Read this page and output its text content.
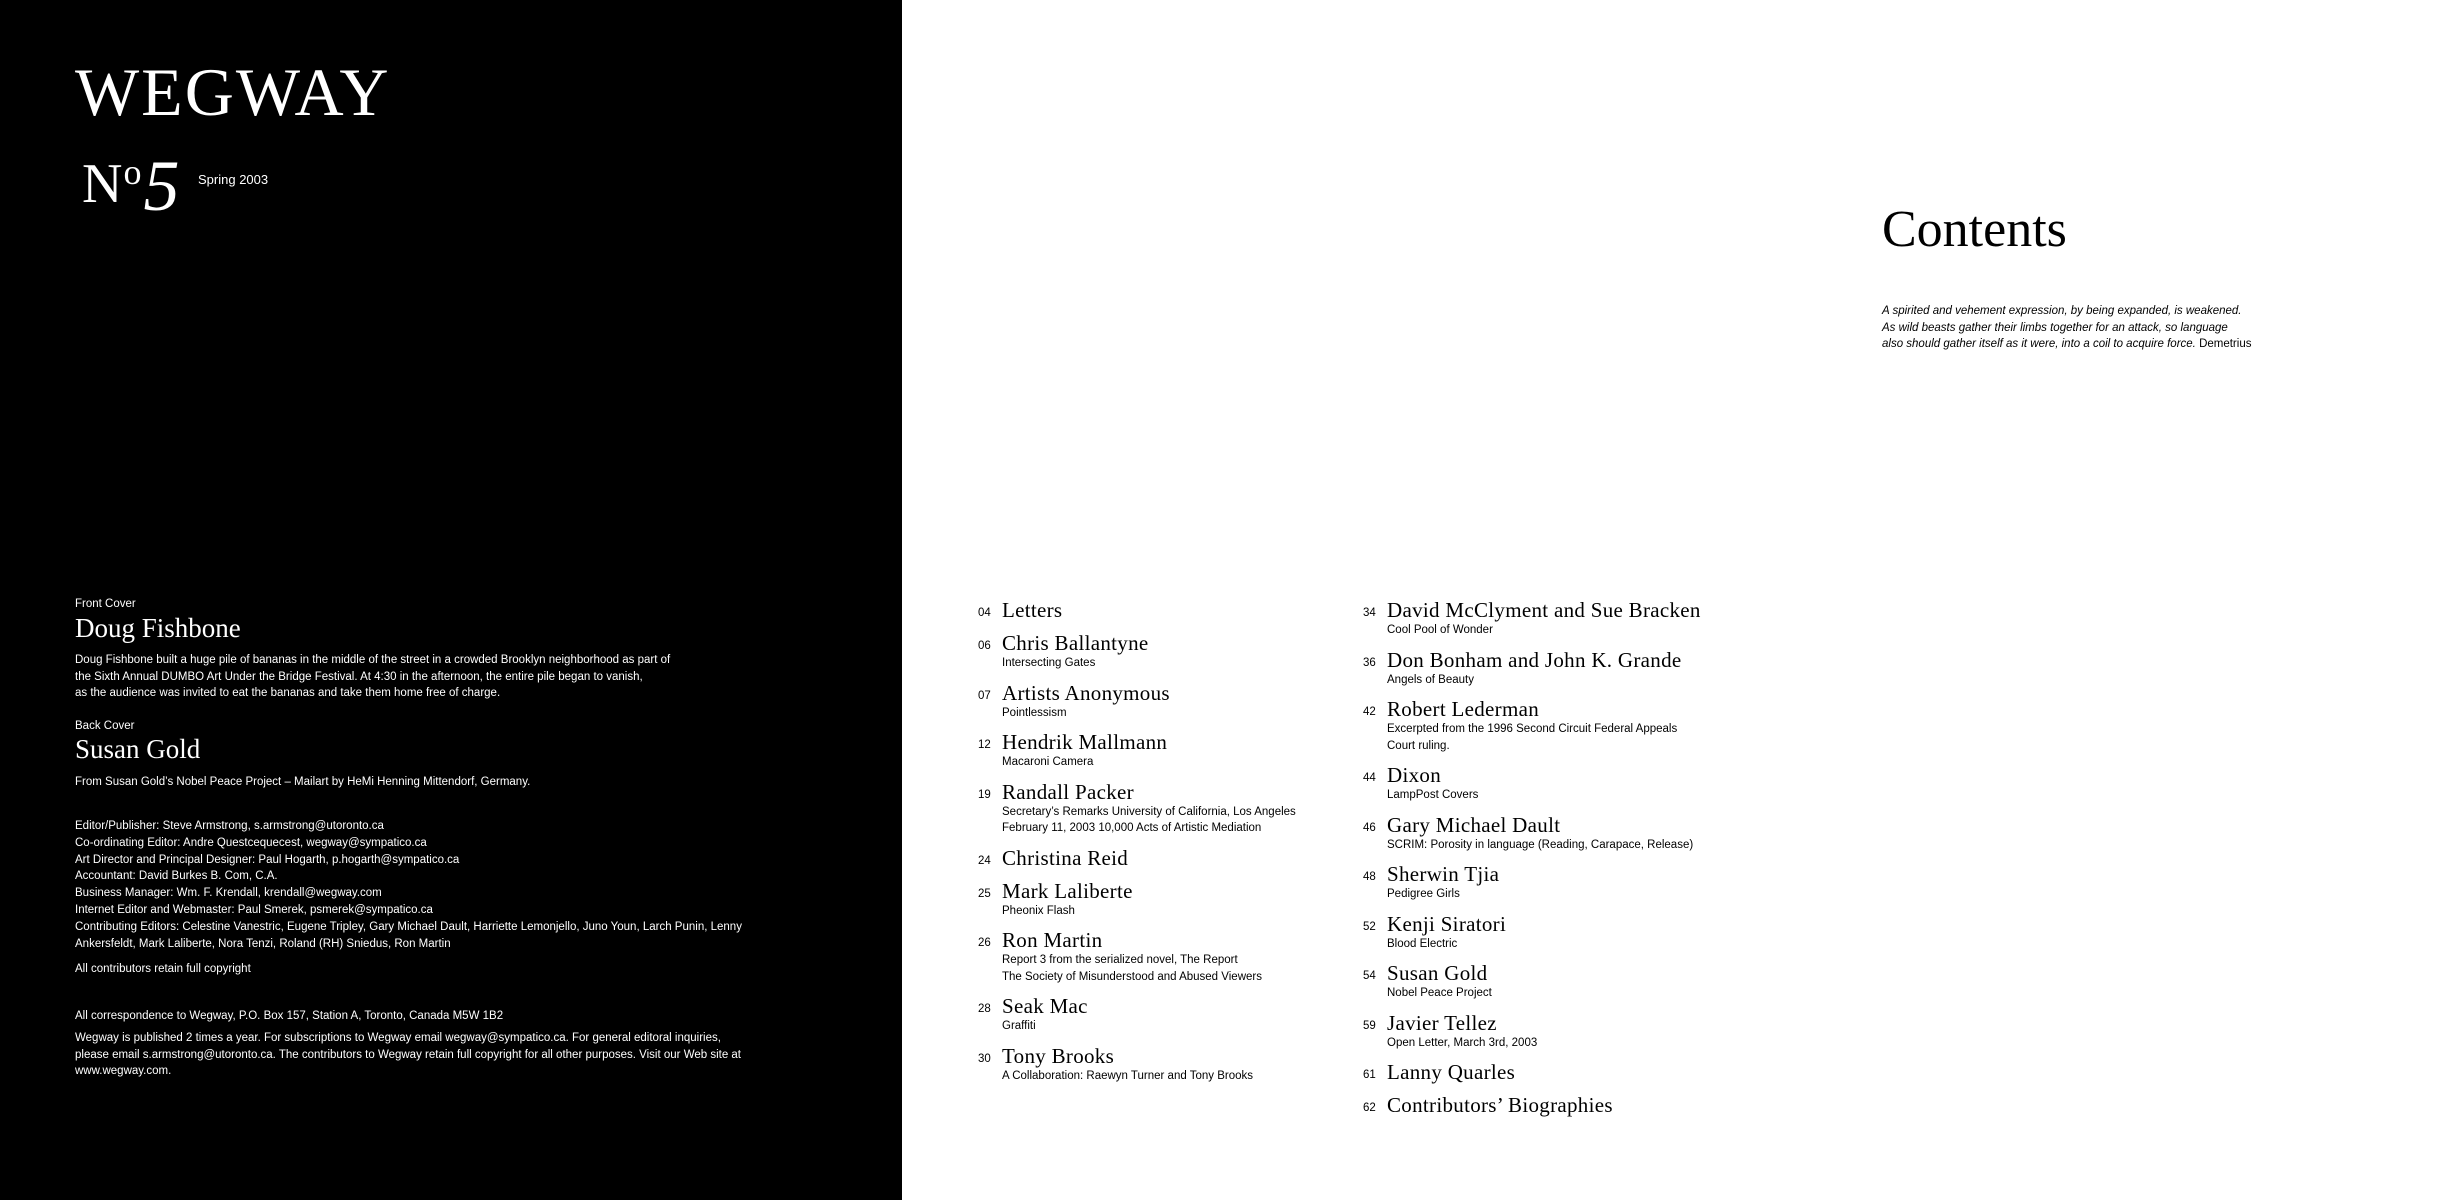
WEGWAY
$N^o5$ Spring 2003
Front Cover
Doug Fishbone
Doug Fishbone built a huge pile of bananas in the middle of the street in a crowded Brooklyn neighborhood as part of
the Sixth Annual DUMBO Art Under the Bridge Festival. At 4:30 in the afternoon, the entire pile began to vanish,
as the audience was invited to eat the bananas and take them home free of charge.
Back Cover
Susan Gold
From Susan Gold’s Nobel Peace Project – Mailart by HeMi Henning Mittendorf, Germany.
Editor/Publisher: Steve Armstrong, s.armstrong@utoronto.ca
Co-ordinating Editor: Andre Questcequecest, wegway@sympatico.ca
Art Director and Principal Designer: Paul Hogarth, p.hogarth@sympatico.ca
Accountant: David Burkes B. Com, C.A.
Business Manager: Wm. F. Krendall, krendall@wegway.com
Internet Editor and Webmaster: Paul Smerek, psmerek@sympatico.ca
Contributing Editors: Celestine Vanestric, Eugene Tripley, Gary Michael Dault, Harriette Lemonjello, Juno Youn, Larch Punin, Lenny
Ankersfeldt, Mark Laliberte, Nora Tenzi, Roland (RH) Sniedus, Ron Martin
All contributors retain full copyright
All correspondence to Wegway, P.O. Box 157, Station A, Toronto, Canada M5W 1B2
Wegway is published 2 times a year. For subscriptions to Wegway email wegway@sympatico.ca. For general editoral inquiries,
please email s.armstrong@utoronto.ca. The contributors to Wegway retain full copyright for all other purposes. Visit our Web site at
www.wegway.com.
Contents
A spirited and vehement expression, by being expanded, is weakened.
As wild beasts gather their limbs together for an attack, so language
also should gather itself as it were, into a coil to acquire force. Demetrius
04 Letters
06 Chris Ballantyne
Intersecting Gates
07 Artists Anonymous
Pointlessism
12 Hendrik Mallmann
Macaroni Camera
19 Randall Packer
Secretary’s Remarks University of California, Los Angeles
February 11, 2003 10,000 Acts of Artistic Mediation
24 Christina Reid
25 Mark Laliberte
Pheonix Flash
26 Ron Martin
Report 3 from the serialized novel, The Report
The Society of Misunderstood and Abused Viewers
28 Seak Mac
Graffiti
30 Tony Brooks
A Collaboration: Raewyn Turner and Tony Brooks
34 David McClyment and Sue Bracken
Cool Pool of Wonder
36 Don Bonham and John K. Grande
Angels of Beauty
42 Robert Lederman
Excerpted from the 1996 Second Circuit Federal Appeals
Court ruling.
44 Dixon
LampPost Covers
46 Gary Michael Dault
SCRIM: Porosity in language (Reading, Carapace, Release)
48 Sherwin Tjia
Pedigree Girls
52 Kenji Siratori
Blood Electric
54 Susan Gold
Nobel Peace Project
59 Javier Tellez
Open Letter, March 3rd, 2003
61 Lanny Quarles
62 Contributors’ Biographies
